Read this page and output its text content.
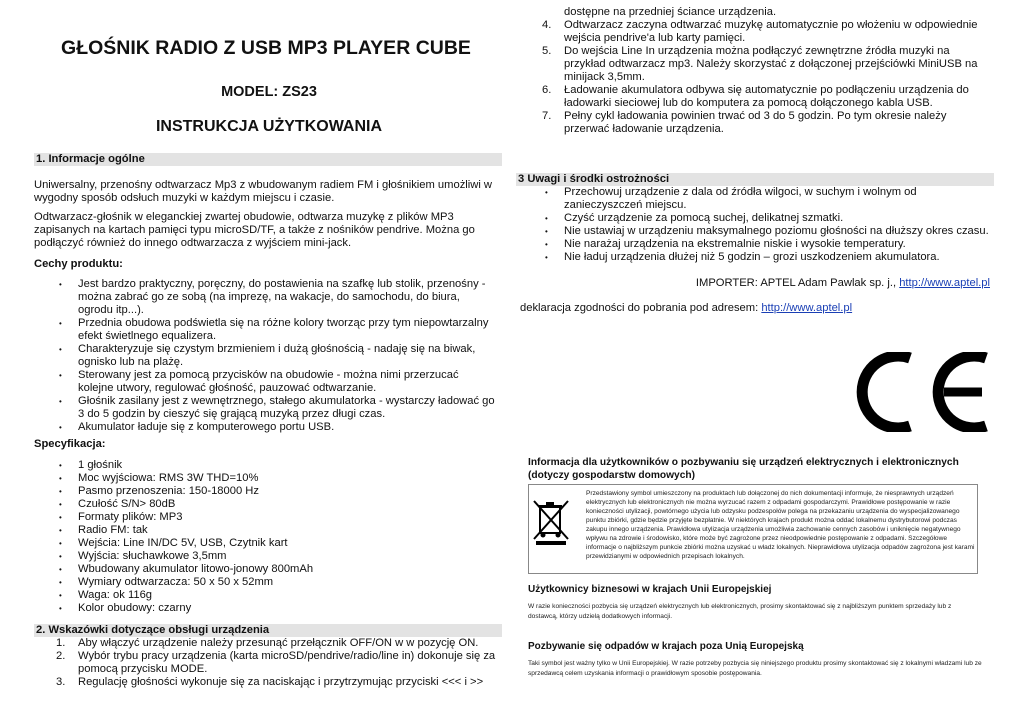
GŁOŚNIK RADIO Z USB MP3 PLAYER CUBE
MODEL: ZS23
INSTRUKCJA UŻYTKOWANIA
1. Informacje ogólne
Uniwersalny, przenośny odtwarzacz Mp3 z wbudowanym radiem FM i głośnikiem umożliwi w wygodny sposób odsłuch muzyki w każdym miejscu i czasie.
Odtwarzacz-głośnik w eleganckiej zwartej obudowie, odtwarza muzykę z plików MP3 zapisanych na kartach pamięci typu microSD/TF, a także z nośników pendrive. Można go podłączyć również do innego odtwarzacza z wyjściem mini-jack.
Cechy produktu:
• Jest bardzo praktyczny, poręczny, do postawienia na szafkę lub stolik, przenośny - można zabrać go ze sobą (na imprezę, na wakacje, do samochodu, do biura, ogrodu itp...).
• Przednia obudowa podświetla się na różne kolory tworząc przy tym niepowtarzalny efekt świetlnego equalizera.
• Charakteryzuje się czystym brzmieniem i dużą głośnością - nadaję się na biwak, ognisko lub na plażę.
• Sterowany jest za pomocą przycisków na obudowie - można nimi przerzucać kolejne utwory, regulować głośność, pauzować odtwarzanie.
• Głośnik zasilany jest z wewnętrznego, stałego akumulatorka - wystarczy ładować go 3 do 5 godzin by cieszyć się grającą muzyką przez długi czas.
• Akumulator ładuje się z komputerowego portu USB.
Specyfikacja:
• 1 głośnik
• Moc wyjściowa: RMS 3W THD=10%
• Pasmo przenoszenia: 150-18000 Hz
• Czułość S/N> 80dB
• Formaty plików: MP3
• Radio FM: tak
• Wejścia: Line IN/DC 5V, USB, Czytnik kart
• Wyjścia: słuchawkowe 3,5mm
• Wbudowany akumulator litowo-jonowy 800mAh
• Wymiary odtwarzacza: 50 x 50 x 52mm
• Waga: ok 116g
• Kolor obudowy: czarny
2. Wskazówki dotyczące obsługi urządzenia
1. Aby włączyć urządzenie należy przesunąć przełącznik OFF/ON w w pozycję ON.
2. Wybór trybu pracy urządzenia (karta microSD/pendrive/radio/line in) dokonuje się za pomocą przycisku MODE.
3. Regulację głośności wykonuje się za naciskając i przytrzymując przyciski <<< i >>
dostępne na przedniej ściance urządzenia.
4. Odtwarzacz zaczyna odtwarzać muzykę automatycznie po włożeniu w odpowiednie wejścia pendrive'a lub karty pamięci.
5. Do wejścia Line In urządzenia można podłączyć zewnętrzne źródła muzyki na przykład odtwarzacz mp3. Należy skorzystać z dołączonej przejściówki MiniUSB na minijack 3,5mm.
6. Ładowanie akumulatora odbywa się automatycznie po podłączeniu urządzenia do ładowarki sieciowej lub do komputera za pomocą dołączonego kabla USB.
7. Pełny cykl ładowania powinien trwać od 3 do 5 godzin. Po tym okresie należy przerwać ładowanie urządzenia.
3 Uwagi i środki ostrożności
• Przechowuj urządzenie z dala od źródła wilgoci, w suchym i wolnym od zanieczyszczeń miejscu.
• Czyść urządzenie za pomocą suchej, delikatnej szmatki.
• Nie ustawiaj w urządzeniu maksymalnego poziomu głośności na dłuższy okres czasu.
• Nie narażaj urządzenia na ekstremalnie niskie i wysokie temperatury.
• Nie ładuj urządzenia dłużej niż 5 godzin – grozi uszkodzeniem akumulatora.
IMPORTER: APTEL Adam Pawlak sp. j., http://www.aptel.pl
deklaracja zgodności do pobrania pod adresem: http://www.aptel.pl
Informacja dla użytkowników o pozbywaniu się urządzeń elektrycznych i elektronicznych (dotyczy gospodarstw domowych)
Przedstawiony symbol umieszczony na produktach lub dołączonej do nich dokumentacji informuje, że niesprawnych urządzeń elektrycznych lub elektronicznych nie można wyrzucać razem z odpadami gospodarczymi. Prawidłowe postępowanie w razie konieczności utylizacji, powtórnego użycia lub odzysku podzespołów polega na przekazaniu urządzenia do wyspecjalizowanego punktu zbiórki, gdzie będzie przyjęte bezpłatnie. W niektórych krajach produkt można oddać lokalnemu dystrybutorowi podczas zakupu innego urządzenia. Prawidłowa utylizacja urządzenia umożliwia zachowanie cennych zasobów i uniknięcie negatywnego wpływu na zdrowie i środowisko, które może być zagrożone przez nieodpowiednie postępowanie z odpadami. Szczegółowe informacje o najbliższym punkcie zbiórki można uzyskać u władz lokalnych. Nieprawidłowa utylizacja odpadów zagrożona jest karami przewidzianymi w odpowiednich przepisach lokalnych.
Użytkownicy biznesowi w krajach Unii Europejskiej
W razie konieczności pozbycia się urządzeń elektrycznych lub elektronicznych, prosimy skontaktować się z najbliższym punktem sprzedaży lub z dostawcą, którzy udzielą dodatkowych informacji.
Pozbywanie się odpadów w krajach poza Unią Europejską
Taki symbol jest ważny tylko w Unii Europejskiej. W razie potrzeby pozbycia się niniejszego produktu prosimy skontaktować się z lokalnymi władzami lub ze sprzedawcą celem uzyskania informacji o prawidłowym sposobie postępowania.
